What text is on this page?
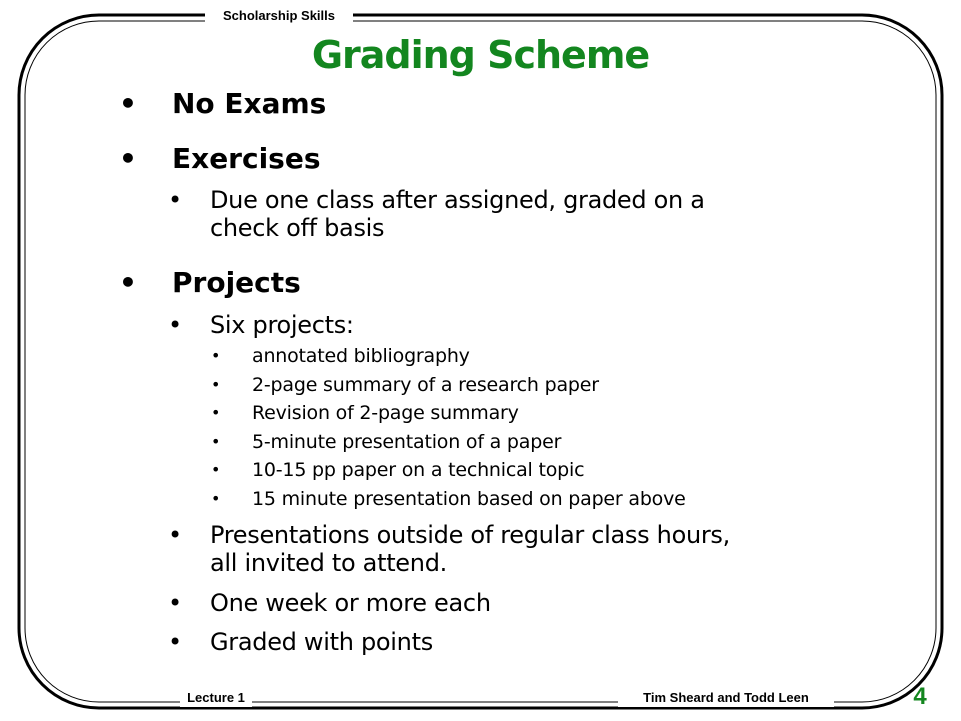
Scholarship Skills
Grading Scheme
•	No Exams
•	Exercises
• Due one class after assigned, graded on a
check off basis
•	Projects
• Six projects:
• annotated bibliography
• 2-page summary of a research paper
• Revision of 2-page summary
• 5-minute presentation of a paper
• 10-15 pp paper on a technical topic
• 15 minute presentation based on paper above
• Presentations outside of regular class hours,
all invited to attend.
• One week or more each
• Graded with points
Lecture 1	Tim Sheard and Todd Leen	4
